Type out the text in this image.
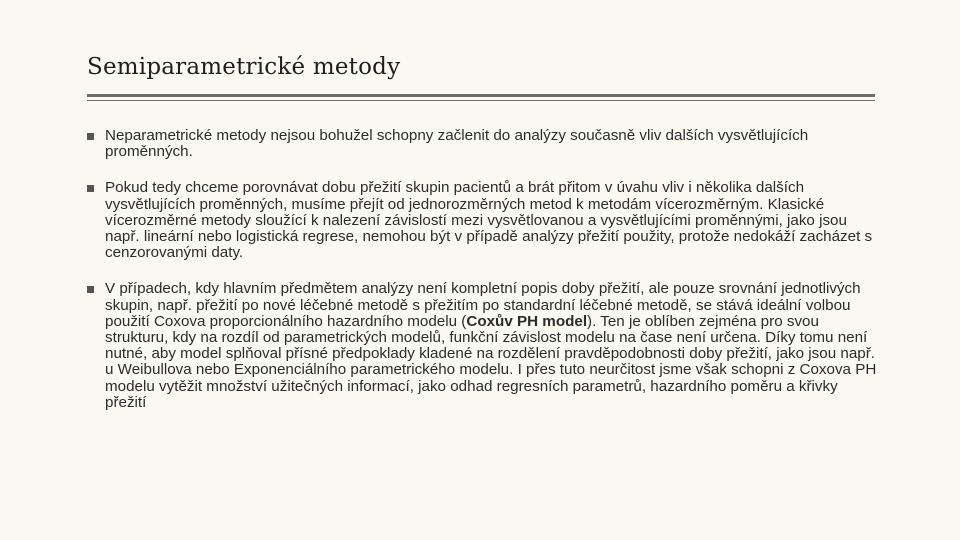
Semiparametrické metody
Neparametrické metody nejsou bohužel schopny začlenit do analýzy současně vliv dalších vysvětlujících proměnných.
Pokud tedy chceme porovnávat dobu přežití skupin pacientů a brát přitom v úvahu vliv i několika dalších vysvětlujících proměnných, musíme přejít od jednorozměrných metod k metodám vícerozměrným. Klasické vícerozměrné metody sloužící k nalezení závislostí mezi vysvětlovanou a vysvětlujícími proměnnými, jako jsou např. lineární nebo logistická regrese, nemohou být v případě analýzy přežití použity, protože nedokáží zacházet s cenzorovanými daty.
V případech, kdy hlavním předmětem analýzy není kompletní popis doby přežití, ale pouze srovnání jednotlivých skupin, např. přežití po nové léčebné metodě s přežitím po standardní léčebné metodě, se stává ideální volbou použití Coxova proporcionálního hazardního modelu (Coxův PH model). Ten je oblíben zejména pro svou strukturu, kdy na rozdíl od parametrických modelů, funkční závislost modelu na čase není určena. Díky tomu není nutné, aby model splňoval přísné předpoklady kladené na rozdělení pravděpodobnosti doby přežití, jako jsou např. u Weibullova nebo Exponenciálního parametrického modelu. I přes tuto neurčitost jsme však schopni z Coxova PH modelu vytěžit množství užitečných informací, jako odhad regresních parametrů, hazardního poměru a křivky přežití
